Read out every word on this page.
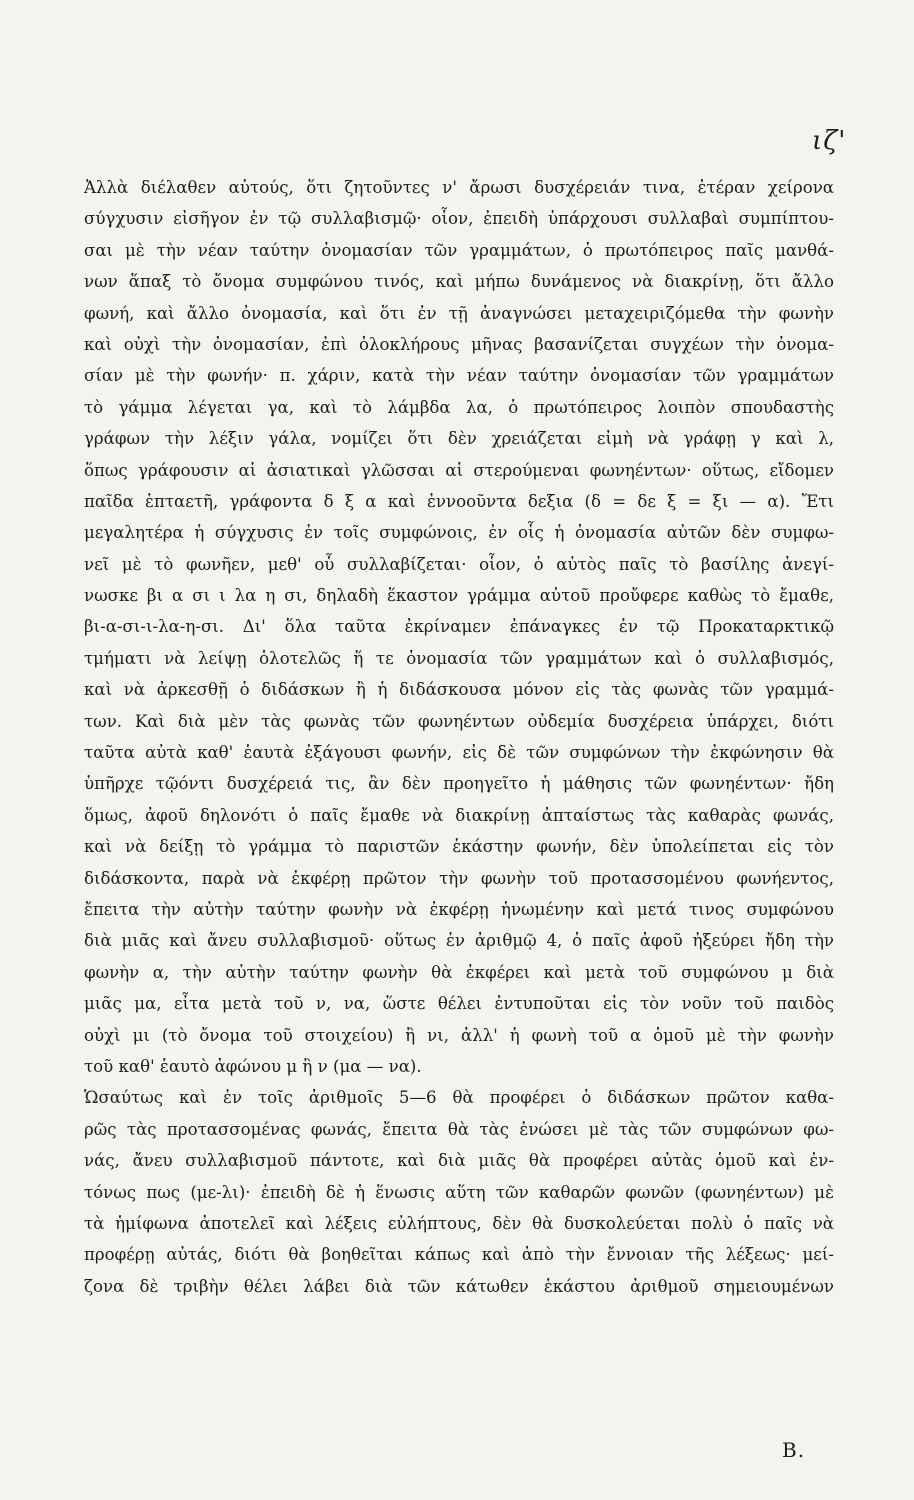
ιζ'
Ἀλλὰ διέλαθεν αὐτούς, ὅτι ζητοῦντες ν' ἄρωσι δυσχέρειάν τινα, ἑτέραν χείρονα
σύγχυσιν εἰσῆγον ἐν τῷ συλλαβισμῷ· οἷον, ἐπειδὴ ὑπάρχουσι συλλαβαὶ συμπίπτου-
σαι μὲ τὴν νέαν ταύτην ὀνομασίαν τῶν γραμμάτων, ὁ πρωτόπειρος παῖς μανθά-
νων ἅπαξ τὸ ὄνομα συμφώνου τινός, καὶ μήπω δυνάμενος νὰ διακρίνῃ, ὅτι ἄλλο
φωνή, καὶ ἄλλο ὀνομασία, καὶ ὅτι ἐν τῇ ἀναγνώσει μεταχειριζόμεθα τὴν φωνὴν
καὶ οὐχὶ τὴν ὀνομασίαν, ἐπὶ ὁλοκλήρους μῆνας βασανίζεται συγχέων τὴν ὀνομα-
σίαν μὲ τὴν φωνήν· π. χάριν, κατὰ τὴν νέαν ταύτην ὀνομασίαν τῶν γραμμάτων
τὸ γάμμα λέγεται γα, καὶ τὸ λάμβδα λα, ὁ πρωτόπειρος λοιπὸν σπουδαστὴς
γράφων τὴν λέξιν γάλα, νομίζει ὅτι δὲν χρειάζεται εἰμὴ νὰ γράφῃ γ καὶ λ,
ὅπως γράφουσιν αἱ ἀσιατικαὶ γλῶσσαι αἱ στερούμεναι φωνηέντων· οὕτως, εἴδομεν
παῖδα ἑπταετῆ, γράφοντα δ ξ α καὶ ἐννοοῦντα δεξια (δ = δε ξ = ξι — α). Ἔτι
μεγαλητέρα ἡ σύγχυσις ἐν τοῖς συμφώνοις, ἐν οἷς ἡ ὀνομασία αὐτῶν δὲν συμφω-
νεῖ μὲ τὸ φωνῆεν, μεθ' οὗ συλλαβίζεται· οἷον, ὁ αὐτὸς παῖς τὸ βασίλης ἀνεγί-
νωσκε βι α σι ι λα η σι, δηλαδὴ ἕκαστον γράμμα αὐτοῦ προὔφερε καθὼς τὸ ἔμαθε,
βι-α-σι-ι-λα-η-σι. Δι' ὅλα ταῦτα ἐκρίναμεν ἐπάναγκες ἐν τῷ Προκαταρκτικῷ
τμήματι νὰ λείψῃ ὁλοτελῶς ἥ τε ὀνομασία τῶν γραμμάτων καὶ ὁ συλλαβισμός,
καὶ νὰ ἀρκεσθῇ ὁ διδάσκων ἢ ἡ διδάσκουσα μόνον εἰς τὰς φωνὰς τῶν γραμμά-
των. Καὶ διὰ μὲν τὰς φωνὰς τῶν φωνηέντων οὐδεμία δυσχέρεια ὑπάρχει, διότι
ταῦτα αὐτὰ καθ' ἑαυτὰ ἐξάγουσι φωνήν, εἰς δὲ τῶν συμφώνων τὴν ἐκφώνησιν θὰ
ὑπῆρχε τῷόντι δυσχέρειά τις, ἂν δὲν προηγεῖτο ἡ μάθησις τῶν φωνηέντων· ἤδη
ὅμως, ἀφοῦ δηλονότι ὁ παῖς ἔμαθε νὰ διακρίνῃ ἀπταίστως τὰς καθαρὰς φωνάς,
καὶ νὰ δείξῃ τὸ γράμμα τὸ παριστῶν ἑκάστην φωνήν, δὲν ὑπολείπεται εἰς τὸν
διδάσκοντα, παρὰ νὰ ἐκφέρῃ πρῶτον τὴν φωνὴν τοῦ προτασσομένου φωνήεντος,
ἔπειτα τὴν αὐτὴν ταύτην φωνὴν νὰ ἐκφέρῃ ἡνωμένην καὶ μετά τινος συμφώνου
διὰ μιᾶς καὶ ἄνευ συλλαβισμοῦ· οὕτως ἐν ἀριθμῷ 4, ὁ παῖς ἀφοῦ ἠξεύρει ἤδη τὴν
φωνὴν α, τὴν αὐτὴν ταύτην φωνὴν θὰ ἐκφέρει καὶ μετὰ τοῦ συμφώνου μ διὰ
μιᾶς μα, εἶτα μετὰ τοῦ ν, να, ὥστε θέλει ἐντυποῦται εἰς τὸν νοῦν τοῦ παιδὸς
οὐχὶ μι (τὸ ὄνομα τοῦ στοιχείου) ἢ νι, ἀλλ' ἡ φωνὴ τοῦ α ὁμοῦ μὲ τὴν φωνὴν
τοῦ καθ' ἑαυτὸ ἀφώνου μ ἢ ν (μα — να).
Ὡσαύτως καὶ ἐν τοῖς ἀριθμοῖς 5—6 θὰ προφέρει ὁ διδάσκων πρῶτον καθα-
ρῶς τὰς προτασσομένας φωνάς, ἔπειτα θὰ τὰς ἑνώσει μὲ τὰς τῶν συμφώνων φω-
νάς, ἄνευ συλλαβισμοῦ πάντοτε, καὶ διὰ μιᾶς θὰ προφέρει αὐτὰς ὁμοῦ καὶ ἐν-
τόνως πως (με-λι)· ἐπειδὴ δὲ ἡ ἕνωσις αὕτη τῶν καθαρῶν φωνῶν (φωνηέντων) μὲ
τὰ ἡμίφωνα ἀποτελεῖ καὶ λέξεις εὐλήπτους, δὲν θὰ δυσκολεύεται πολὺ ὁ παῖς νὰ
προφέρῃ αὐτάς, διότι θὰ βοηθεῖται κάπως καὶ ἀπὸ τὴν ἔννοιαν τῆς λέξεως· μεί-
ζονα δὲ τριβὴν θέλει λάβει διὰ τῶν κάτωθεν ἑκάστου ἀριθμοῦ σημειουμένων
Β.
